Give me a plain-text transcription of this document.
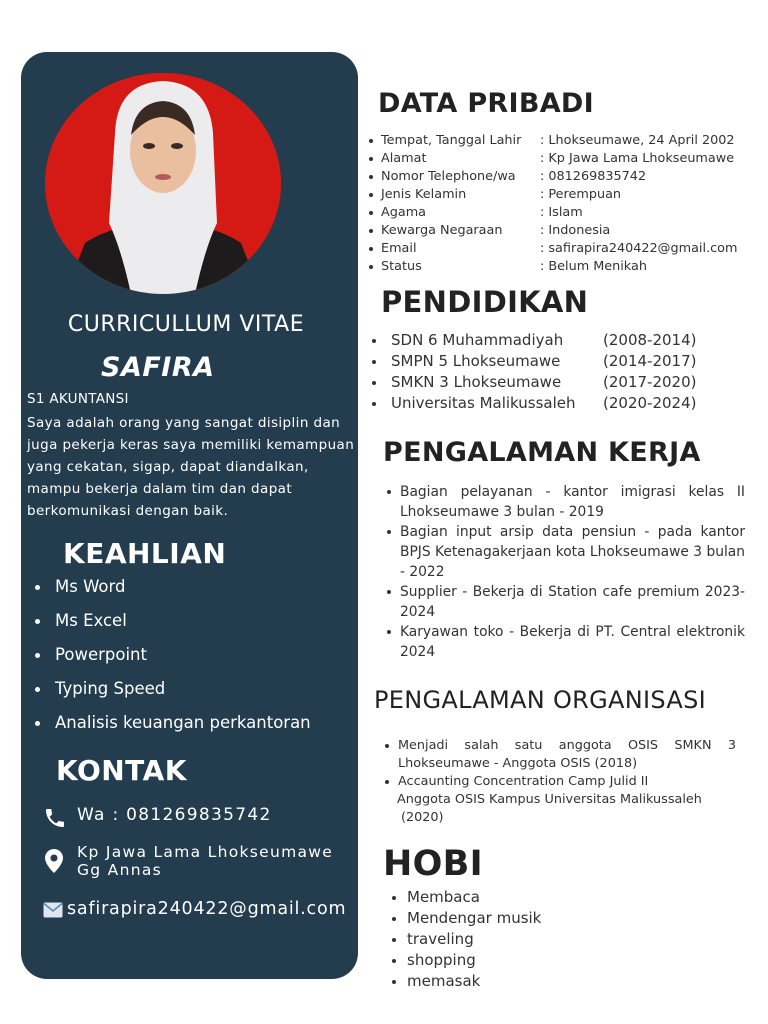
CURRICULLUM VITAE
SAFIRA
S1 AKUNTANSI
Saya adalah orang yang sangat disiplin dan juga pekerja keras saya memiliki kemampuan yang cekatan, sigap, dapat diandalkan, mampu bekerja dalam tim dan dapat berkomunikasi dengan baik.
KEAHLIAN
Ms Word
Ms Excel
Powerpoint
Typing Speed
Analisis keuangan perkantoran
KONTAK
Wa : 081269835742
Kp Jawa Lama Lhokseumawe
Gg Annas
safirapira240422@gmail.com
DATA PRIBADI
Tempat, Tanggal Lahir : Lhokseumawe, 24 April 2002
Alamat	: Kp Jawa Lama Lhokseumawe
Nomor Telephone/wa : 081269835742
Jenis Kelamin	: Perempuan
Agama	: Islam
Kewarga Negaraan	: Indonesia
Email	: safirapira240422@gmail.com
Status	: Belum Menikah
PENDIDIKAN
SDN 6 Muhammadiyah	(2008-2014)
SMPN 5 Lhokseumawe	(2014-2017)
SMKN 3 Lhokseumawe	(2017-2020)
Universitas Malikussaleh (2020-2024)
PENGALAMAN KERJA
Bagian pelayanan - kantor imigrasi kelas II Lhokseumawe 3 bulan - 2019
Bagian input arsip data pensiun - pada kantor BPJS Ketenagakerjaan kota Lhokseumawe 3 bulan - 2022
Supplier - Bekerja di Station cafe premium 2023-2024
Karyawan toko - Bekerja di PT. Central elektronik 2024
PENGALAMAN ORGANISASI
Menjadi salah satu anggota OSIS SMKN 3 Lhokseumawe - Anggota OSIS (2018)
Accaunting Concentration Camp Julid II
Anggota OSIS Kampus Universitas Malikussaleh
(2020)
HOBI
Membaca
Mendengar musik
traveling
shopping
memasak
